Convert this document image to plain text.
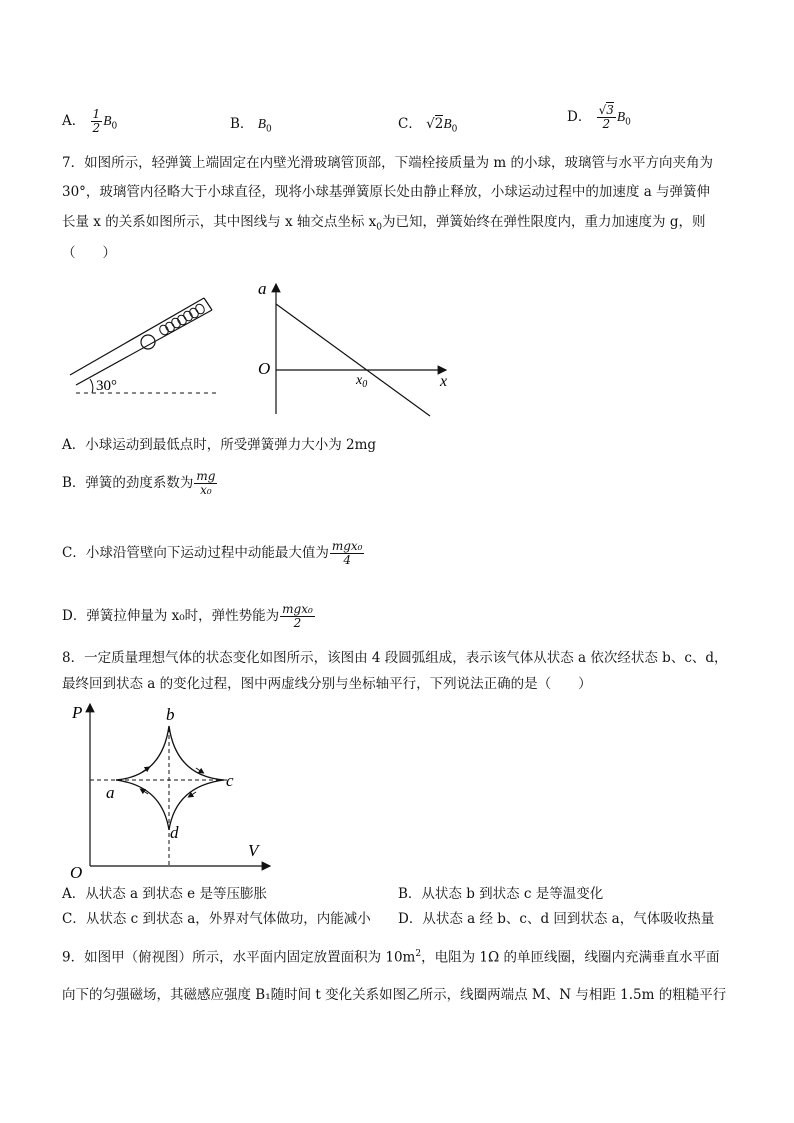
A． $\frac{1}{2} B_0$	B． $B_0$	C． $√2B_0$
D． $\frac{√3}{2} B_0$
7．如图所示，轻弹簧上端固定在内壁光滑玻璃管顶部，下端栓接质量为 m 的小球，玻璃管与水平方向夹角为
30°，玻璃管内径略大于小球直径，现将小球基弹簧原长处由静止释放，小球运动过程中的加速度 a 与弹簧伸
长量 x 的关系如图所示，其中图线与 x 轴交点坐标 $x_0$为已知，弹簧始终在弹性限度内，重力加速度为 g，则
（　　）
30°
a
O
x
$x_0$
A．小球运动到最低点时，所受弹簧弹力大小为 2mg
B．弹簧的劲度系数为 $\frac{mg}{\text{x₀}}$
C．小球沿管壁向下运动过程中动能最大值为 $\frac{\text{mgx₀}}{4}$
D．弹簧拉伸量为 x₀时，弹性势能为 $\frac{\text{mgx₀}}{2}$
8．一定质量理想气体的状态变化如图所示，该图由 4 段圆弧组成，表示该气体从状态 a 依次经状态 b、c、d，
最终回到状态 a 的变化过程，图中两虚线分别与坐标轴平行，下列说法正确的是（　　）
P
V
O
a
b
c
d
A．从状态 a 到状态 e 是等压膨胀	B．从状态 b 到状态 c 是等温变化
C．从状态 c 到状态 a，外界对气体做功，内能减小 D．从状态 a 经 b、c、d 回到状态 a，气体吸收热量
9．如图甲（俯视图）所示，水平面内固定放置面积为 $10m^2$，电阻为 1Ω 的单匝线圈，线圈内充满垂直水平面
向下的匀强磁场，其磁感应强度 B₁随时间 t 变化关系如图乙所示，线圈两端点 M、N 与相距 1.5m 的粗糙平行
